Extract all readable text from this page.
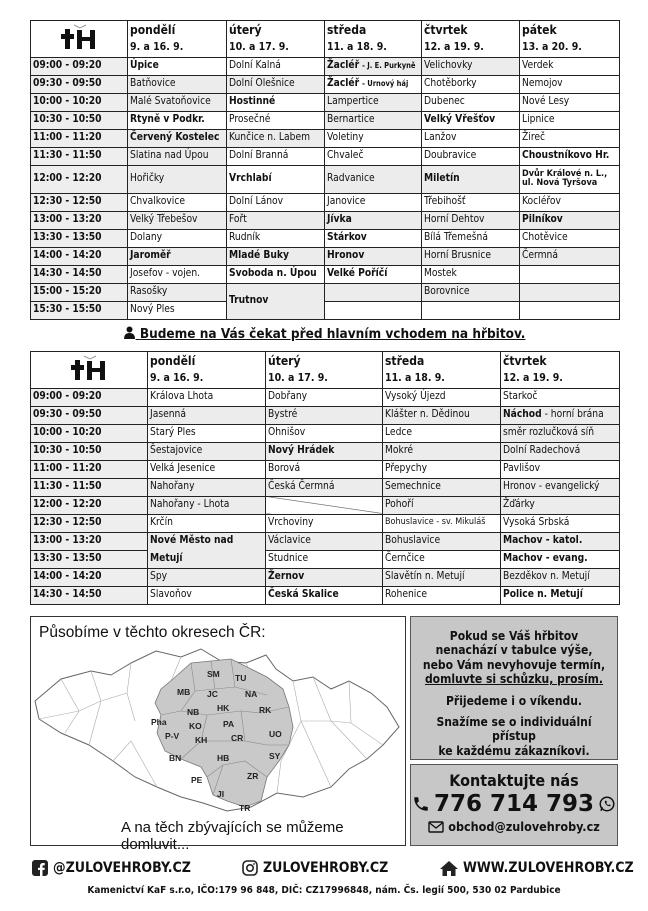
	pondělí	úterý	středa	čtvrtek	pátek
	9. a 16. 9.	10. a 17. 9.	11. a 18. 9.	12. a 19. 9.	13. a 20. 9.
09:00 - 09:20	Úpice	Dolní Kalná	Žacléř - J. E. Purkyně	Velichovky	Verdek
09:30 - 09:50	Batňovice	Dolní Olešnice	Žacléř - Urnový háj	Chotěborky	Nemojov
10:00 - 10:20	Malé Svatoňovice	Hostinné	Lampertice	Dubenec	Nové Lesy
10:30 - 10:50	Rtyně v Podkr.	Prosečné	Bernartice	Velký Vřešťov	Lipnice
11:00 - 11:20	Červený Kostelec	Kunčice n. Labem	Voletiny	Lanžov	Žireč
11:30 - 11:50	Slatina nad Úpou	Dolní Branná	Chvaleč	Doubravice	Choustníkovo Hr.
12:00 - 12:20	Hořičky	Vrchlabí	Radvanice	Miletín	Dvůr Králové n. L., ul. Nová Tyršova
12:30 - 12:50	Chvalkovice	Dolní Lánov	Janovice	Třebihošť	Kocléřov
13:00 - 13:20	Velký Třebešov	Fořt	Jívka	Horní Dehtov	Pilníkov
13:30 - 13:50	Dolany	Rudník	Stárkov	Bílá Třemešná	Chotěvice
14:00 - 14:20	Jaroměř	Mladé Buky	Hronov	Horní Brusnice	Čermná
14:30 - 14:50	Josefov - vojen.	Svoboda n. Úpou	Velké Poříčí	Mostek	
15:00 - 15:20	Rasošky	Trutnov		Borovnice	
15:30 - 15:50	Nový Ples				
Budeme na Vás čekat před hlavním vchodem na hřbitov.
	pondělí	úterý	středa	čtvrtek
	9. a 16. 9.	10. a 17. 9.	11. a 18. 9.	12. a 19. 9.
09:00 - 09:20	Králova Lhota	Dobřany	Vysoký Újezd	Starkoč
09:30 - 09:50	Jasenná	Bystré	Klášter n. Dědinou	Náchod - horní brána
10:00 - 10:20	Starý Ples	Ohnišov	Ledce	směr rozlučková síň
10:30 - 10:50	Šestajovice	Nový Hrádek	Mokré	Dolní Radechová
11:00 - 11:20	Velká Jesenice	Borová	Přepychy	Pavlišov
11:30 - 11:50	Nahořany	Česká Čermná	Semechnice	Hronov - evangelický
12:00 - 12:20	Nahořany - Lhota		Pohoří	Žďárky
12:30 - 12:50	Krčín	Vrchoviny	Bohuslavice - sv. Mikuláš	Vysoká Srbská
13:00 - 13:20	Nové Město nad	Václavice	Bohuslavice	Machov - katol.
13:30 - 13:50	Metují	Studnice	Černčice	Machov - evang.
14:00 - 14:20	Spy	Žernov	Slavětín n. Metují	Bezděkov n. Metují
14:30 - 14:50	Slavoňov	Česká Skalice	Rohenice	Police n. Metují
Působíme v těchto okresech ČR:
SM TU
MB JC	NA
NB HK	RK
Pha	KO	PA
P-V KH	CR	UO
BN	HB	SY
PE	ZR
JI
TR
A na těch zbývajících se můžeme domluvit...
Pokud se Váš hřbitov
nenachází v tabulce výše,
nebo Vám nevyhovuje termín,
domluvte si schůzku, prosím.
Přijedeme i o víkendu.
Snažíme se o individuální přístup
ke každému zákazníkovi.
Kontaktujte nás
776 714 793
obchod@zulovehroby.cz
@ZULOVEHROBY.CZ	ZULOVEHROBY.CZ	WWW.ZULOVEHROBY.CZ
Kamenictví KaF s.r.o, IČO:179 96 848, DIČ: CZ17996848, nám. Čs. legií 500, 530 02 Pardubice
